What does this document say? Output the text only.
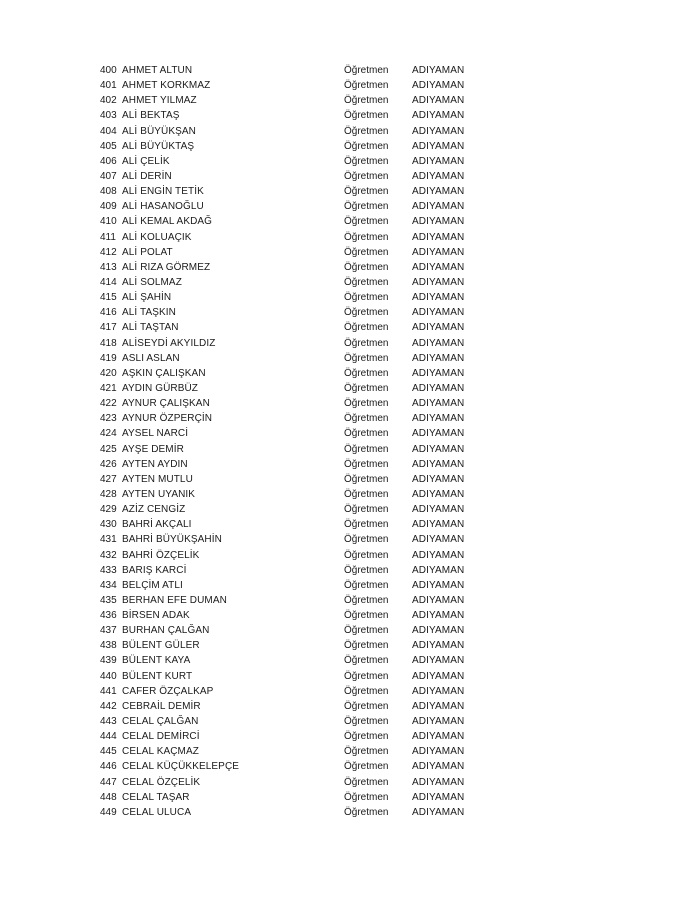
400 AHMET ALTUN	Öğretmen ADIYAMAN
401 AHMET KORKMAZ	Öğretmen ADIYAMAN
402 AHMET YILMAZ	Öğretmen ADIYAMAN
403 ALİ BEKTAŞ	Öğretmen ADIYAMAN
404 ALİ BÜYÜKŞAN	Öğretmen ADIYAMAN
405 ALİ BÜYÜKTAŞ	Öğretmen ADIYAMAN
406 ALİ ÇELİK	Öğretmen ADIYAMAN
407 ALİ DERİN	Öğretmen ADIYAMAN
408 ALİ ENGİN TETİK	Öğretmen ADIYAMAN
409 ALİ HASANOĞLU	Öğretmen ADIYAMAN
410 ALİ KEMAL AKDAĞ	Öğretmen ADIYAMAN
411 ALİ KOLUAÇIK	Öğretmen ADIYAMAN
412 ALİ POLAT	Öğretmen ADIYAMAN
413 ALİ RIZA GÖRMEZ	Öğretmen ADIYAMAN
414 ALİ SOLMAZ	Öğretmen ADIYAMAN
415 ALİ ŞAHİN	Öğretmen ADIYAMAN
416 ALİ TAŞKIN	Öğretmen ADIYAMAN
417 ALİ TAŞTAN	Öğretmen ADIYAMAN
418 ALİSEYDİ AKYILDIZ	Öğretmen ADIYAMAN
419 ASLI ASLAN	Öğretmen ADIYAMAN
420 AŞKIN ÇALIŞKAN	Öğretmen ADIYAMAN
421 AYDIN GÜRBÜZ	Öğretmen ADIYAMAN
422 AYNUR ÇALIŞKAN	Öğretmen ADIYAMAN
423 AYNUR ÖZPERÇİN	Öğretmen ADIYAMAN
424 AYSEL NARCİ	Öğretmen ADIYAMAN
425 AYŞE DEMİR	Öğretmen ADIYAMAN
426 AYTEN AYDIN	Öğretmen ADIYAMAN
427 AYTEN MUTLU	Öğretmen ADIYAMAN
428 AYTEN UYANIK	Öğretmen ADIYAMAN
429 AZİZ CENGİZ	Öğretmen ADIYAMAN
430 BAHRİ AKÇALI	Öğretmen ADIYAMAN
431 BAHRİ BÜYÜKŞAHİN	Öğretmen ADIYAMAN
432 BAHRİ ÖZÇELİK	Öğretmen ADIYAMAN
433 BARIŞ KARCİ	Öğretmen ADIYAMAN
434 BELÇİM ATLI	Öğretmen ADIYAMAN
435 BERHAN EFE DUMAN	Öğretmen ADIYAMAN
436 BİRSEN ADAK	Öğretmen ADIYAMAN
437 BURHAN ÇALĞAN	Öğretmen ADIYAMAN
438 BÜLENT GÜLER	Öğretmen ADIYAMAN
439 BÜLENT KAYA	Öğretmen ADIYAMAN
440 BÜLENT KURT	Öğretmen ADIYAMAN
441 CAFER ÖZÇALKAP	Öğretmen ADIYAMAN
442 CEBRAİL DEMİR	Öğretmen ADIYAMAN
443 CELAL ÇALĞAN	Öğretmen ADIYAMAN
444 CELAL DEMİRCİ	Öğretmen ADIYAMAN
445 CELAL KAÇMAZ	Öğretmen ADIYAMAN
446 CELAL KÜÇÜKKELEPÇE	Öğretmen ADIYAMAN
447 CELAL ÖZÇELİK	Öğretmen ADIYAMAN
448 CELAL TAŞAR	Öğretmen ADIYAMAN
449 CELAL ULUCA	Öğretmen ADIYAMAN
